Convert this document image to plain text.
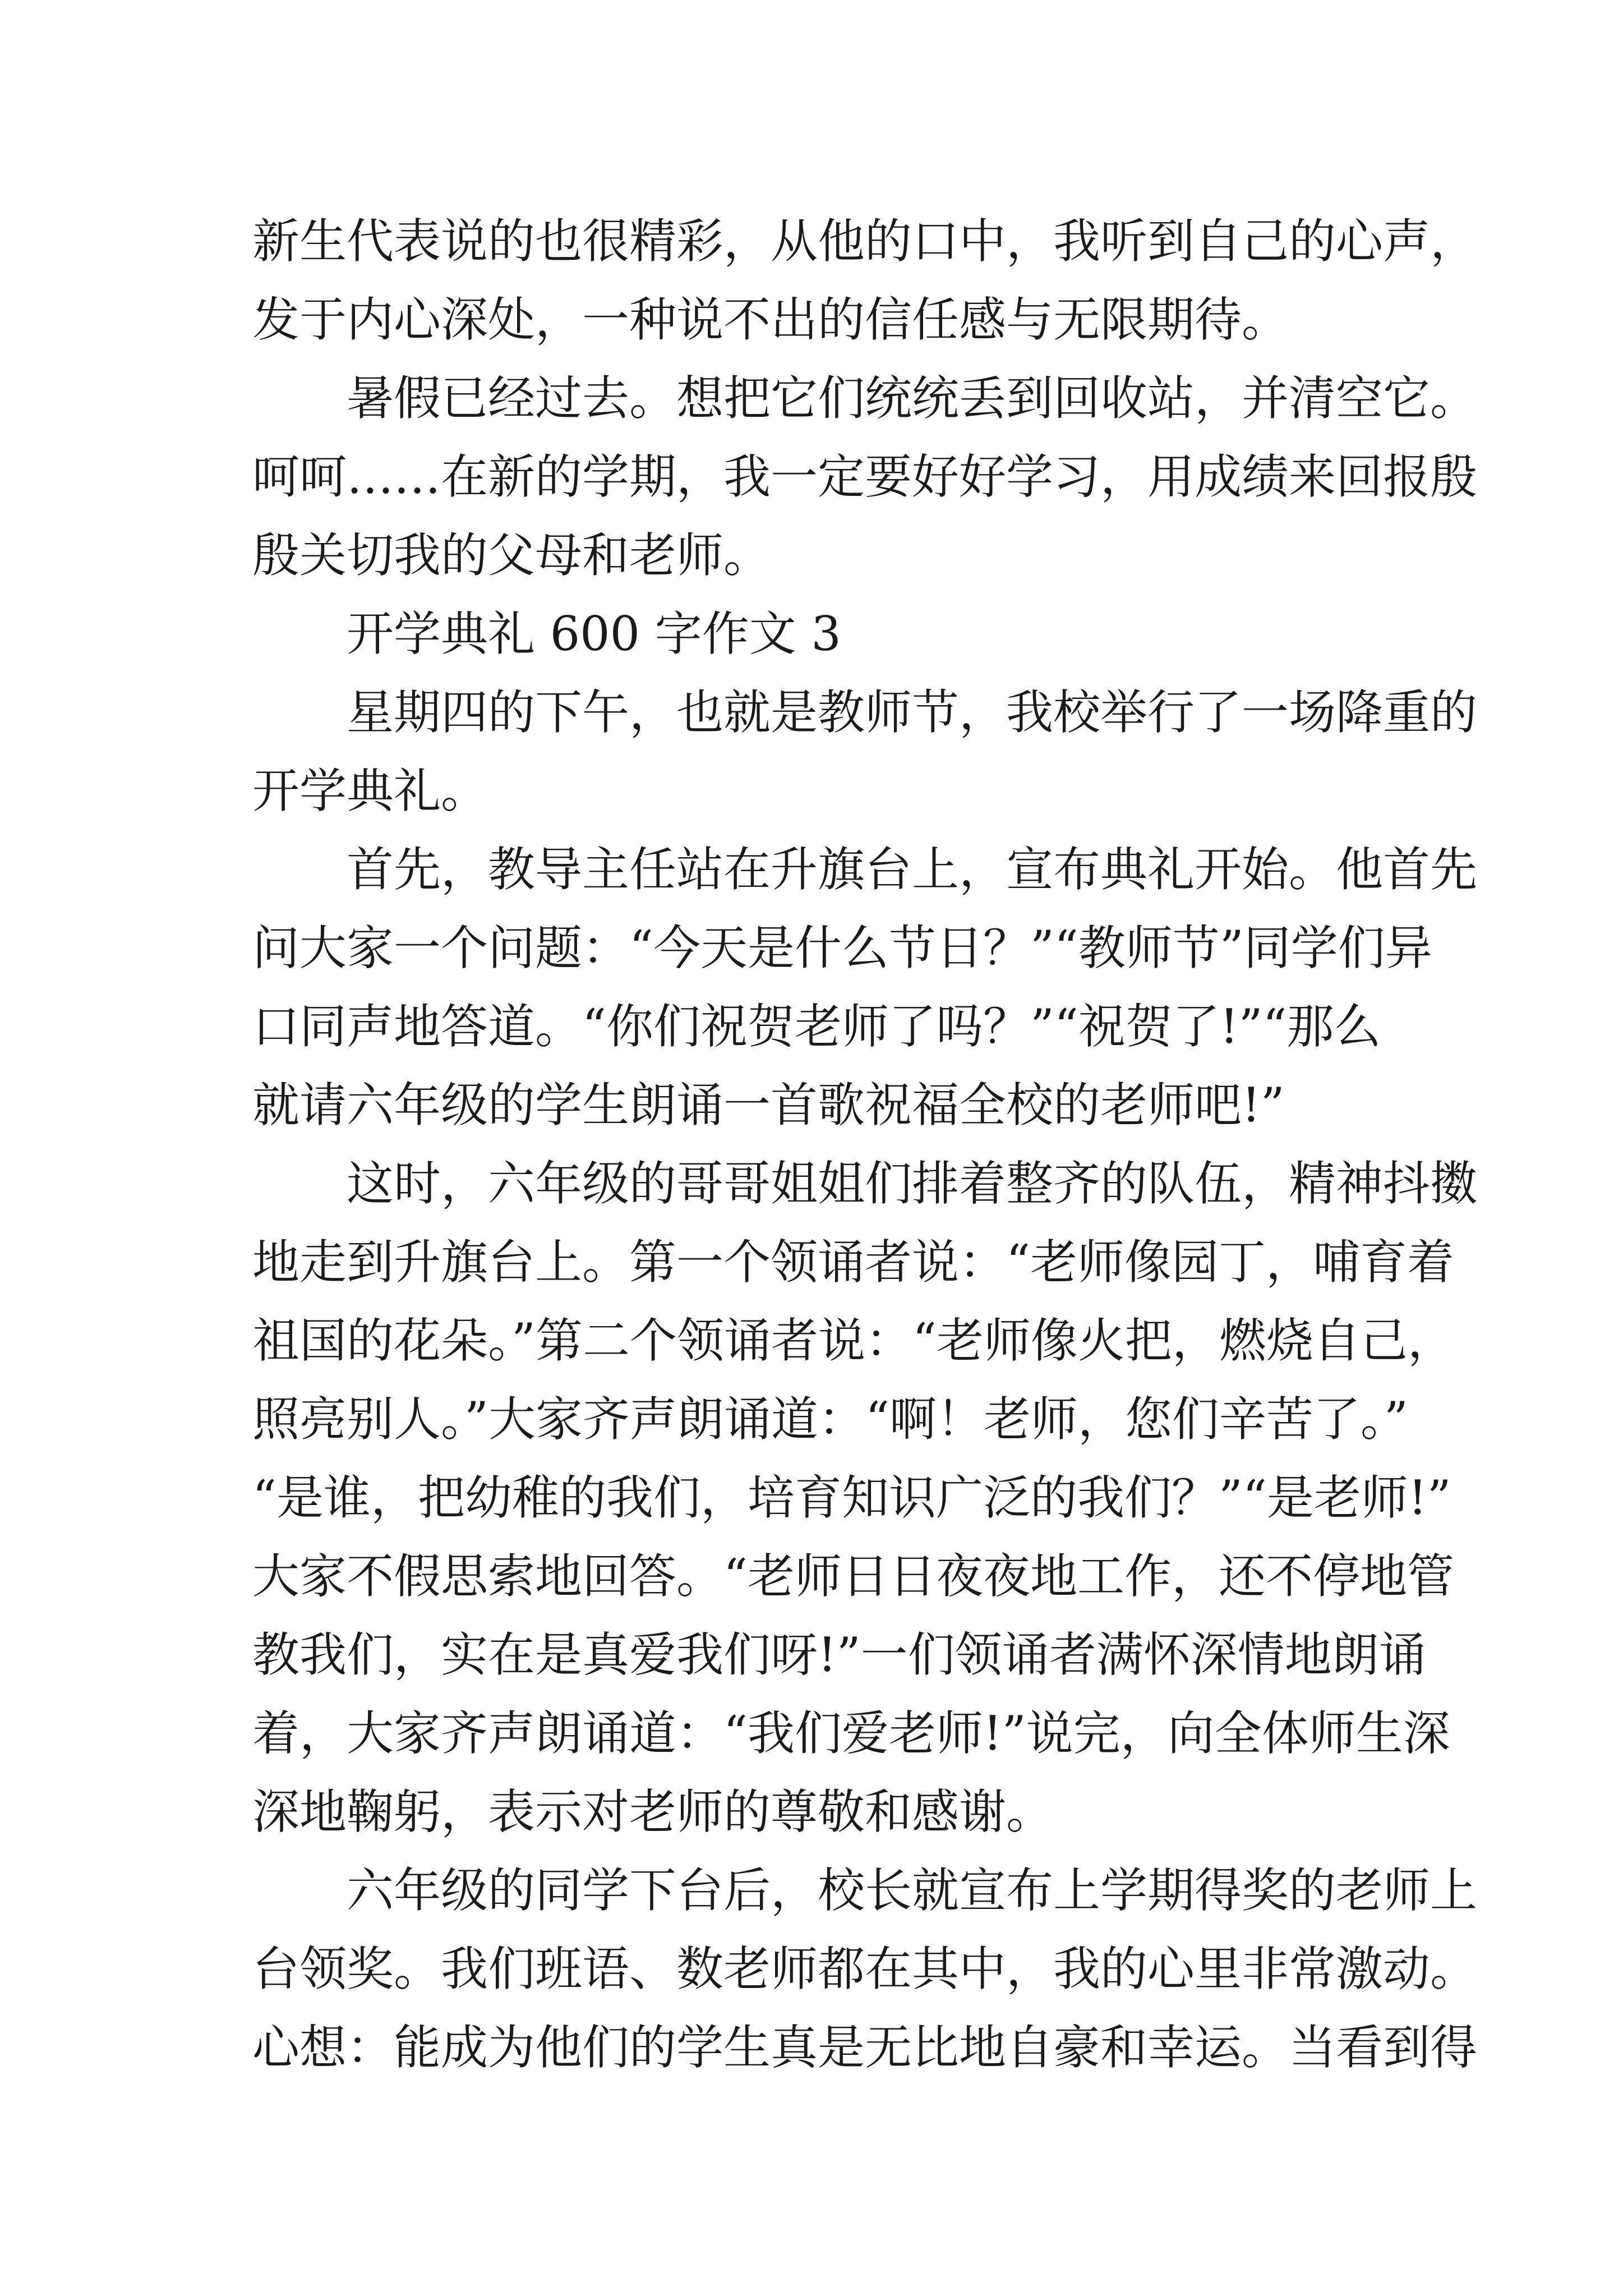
新生代表说的也很精彩，从他的口中，我听到自己的心声，
发于内心深处，一种说不出的信任感与无限期待。
暑假已经过去。想把它们统统丢到回收站，并清空它。
呵呵……在新的学期，我一定要好好学习，用成绩来回报殷
殷关切我的父母和老师。
开学典礼 600 字作文 3
星期四的下午，也就是教师节，我校举行了一场降重的
开学典礼。
首先，教导主任站在升旗台上，宣布典礼开始。他首先
问大家一个问题：“今天是什么节日？”“教师节”同学们异
口同声地答道。“你们祝贺老师了吗？”“祝贺了!”“那么
就请六年级的学生朗诵一首歌祝福全校的老师吧!”
这时，六年级的哥哥姐姐们排着整齐的队伍，精神抖擞
地走到升旗台上。第一个领诵者说：“老师像园丁，哺育着
祖国的花朵。”第二个领诵者说：“老师像火把，燃烧自己，
照亮别人。”大家齐声朗诵道：“啊！老师，您们辛苦了。”
“是谁，把幼稚的我们，培育知识广泛的我们？”“是老师!”
大家不假思索地回答。“老师日日夜夜地工作，还不停地管
教我们，实在是真爱我们呀!”一们领诵者满怀深情地朗诵
着，大家齐声朗诵道：“我们爱老师!”说完，向全体师生深
深地鞠躬，表示对老师的尊敬和感谢。
六年级的同学下台后，校长就宣布上学期得奖的老师上
台领奖。我们班语、数老师都在其中，我的心里非常激动。
心想：能成为他们的学生真是无比地自豪和幸运。当看到得
